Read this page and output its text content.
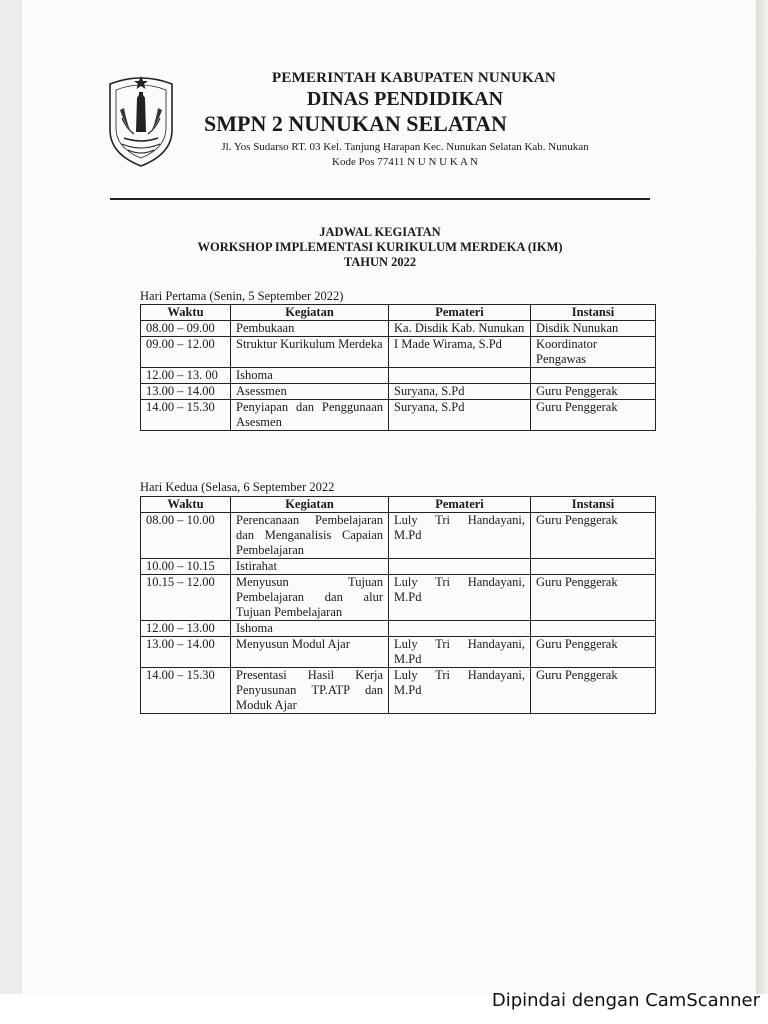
PEMERINTAH KABUPATEN NUNUKAN
DINAS PENDIDIKAN
SMPN 2 NUNUKAN SELATAN
Jl. Yos Sudarso RT. 03 Kel. Tanjung Harapan Kec. Nunukan Selatan Kab. Nunukan
Kode Pos 77411 N U N U K A N
JADWAL KEGIATAN
WORKSHOP IMPLEMENTASI KURIKULUM MERDEKA (IKM)
TAHUN 2022
Hari Pertama (Senin, 5 September 2022)
Waktu	Kegiatan	Pemateri	Instansi
08.00 – 09.00	Pembukaan	Ka. Disdik Kab. Nunukan	Disdik Nunukan
09.00 – 12.00	Struktur Kurikulum Merdeka	I Made Wirama, S.Pd	Koordinator Pengawas
12.00 – 13. 00	Ishoma		
13.00 – 14.00	Asessmen	Suryana, S.Pd	Guru Penggerak
14.00 – 15.30	Penyiapan dan Penggunaan Asesmen	Suryana, S.Pd	Guru Penggerak
Hari Kedua (Selasa, 6 September 2022
Waktu	Kegiatan	Pemateri	Instansi
08.00 – 10.00	Perencanaan Pembelajaran dan Menganalisis Capaian Pembelajaran	Luly Tri Handayani, M.Pd	Guru Penggerak
10.00 – 10.15	Istirahat		
10.15 – 12.00	Menyusun Tujuan Pembelajaran dan alur Tujuan Pembelajaran	Luly Tri Handayani, M.Pd	Guru Penggerak
12.00 – 13.00	Ishoma		
13.00 – 14.00	Menyusun Modul Ajar	Luly Tri Handayani, M.Pd	Guru Penggerak
14.00 – 15.30	Presentasi Hasil Kerja Penyusunan TP.ATP dan Moduk Ajar	Luly Tri Handayani, M.Pd	Guru Penggerak
Dipindai dengan CamScanner
